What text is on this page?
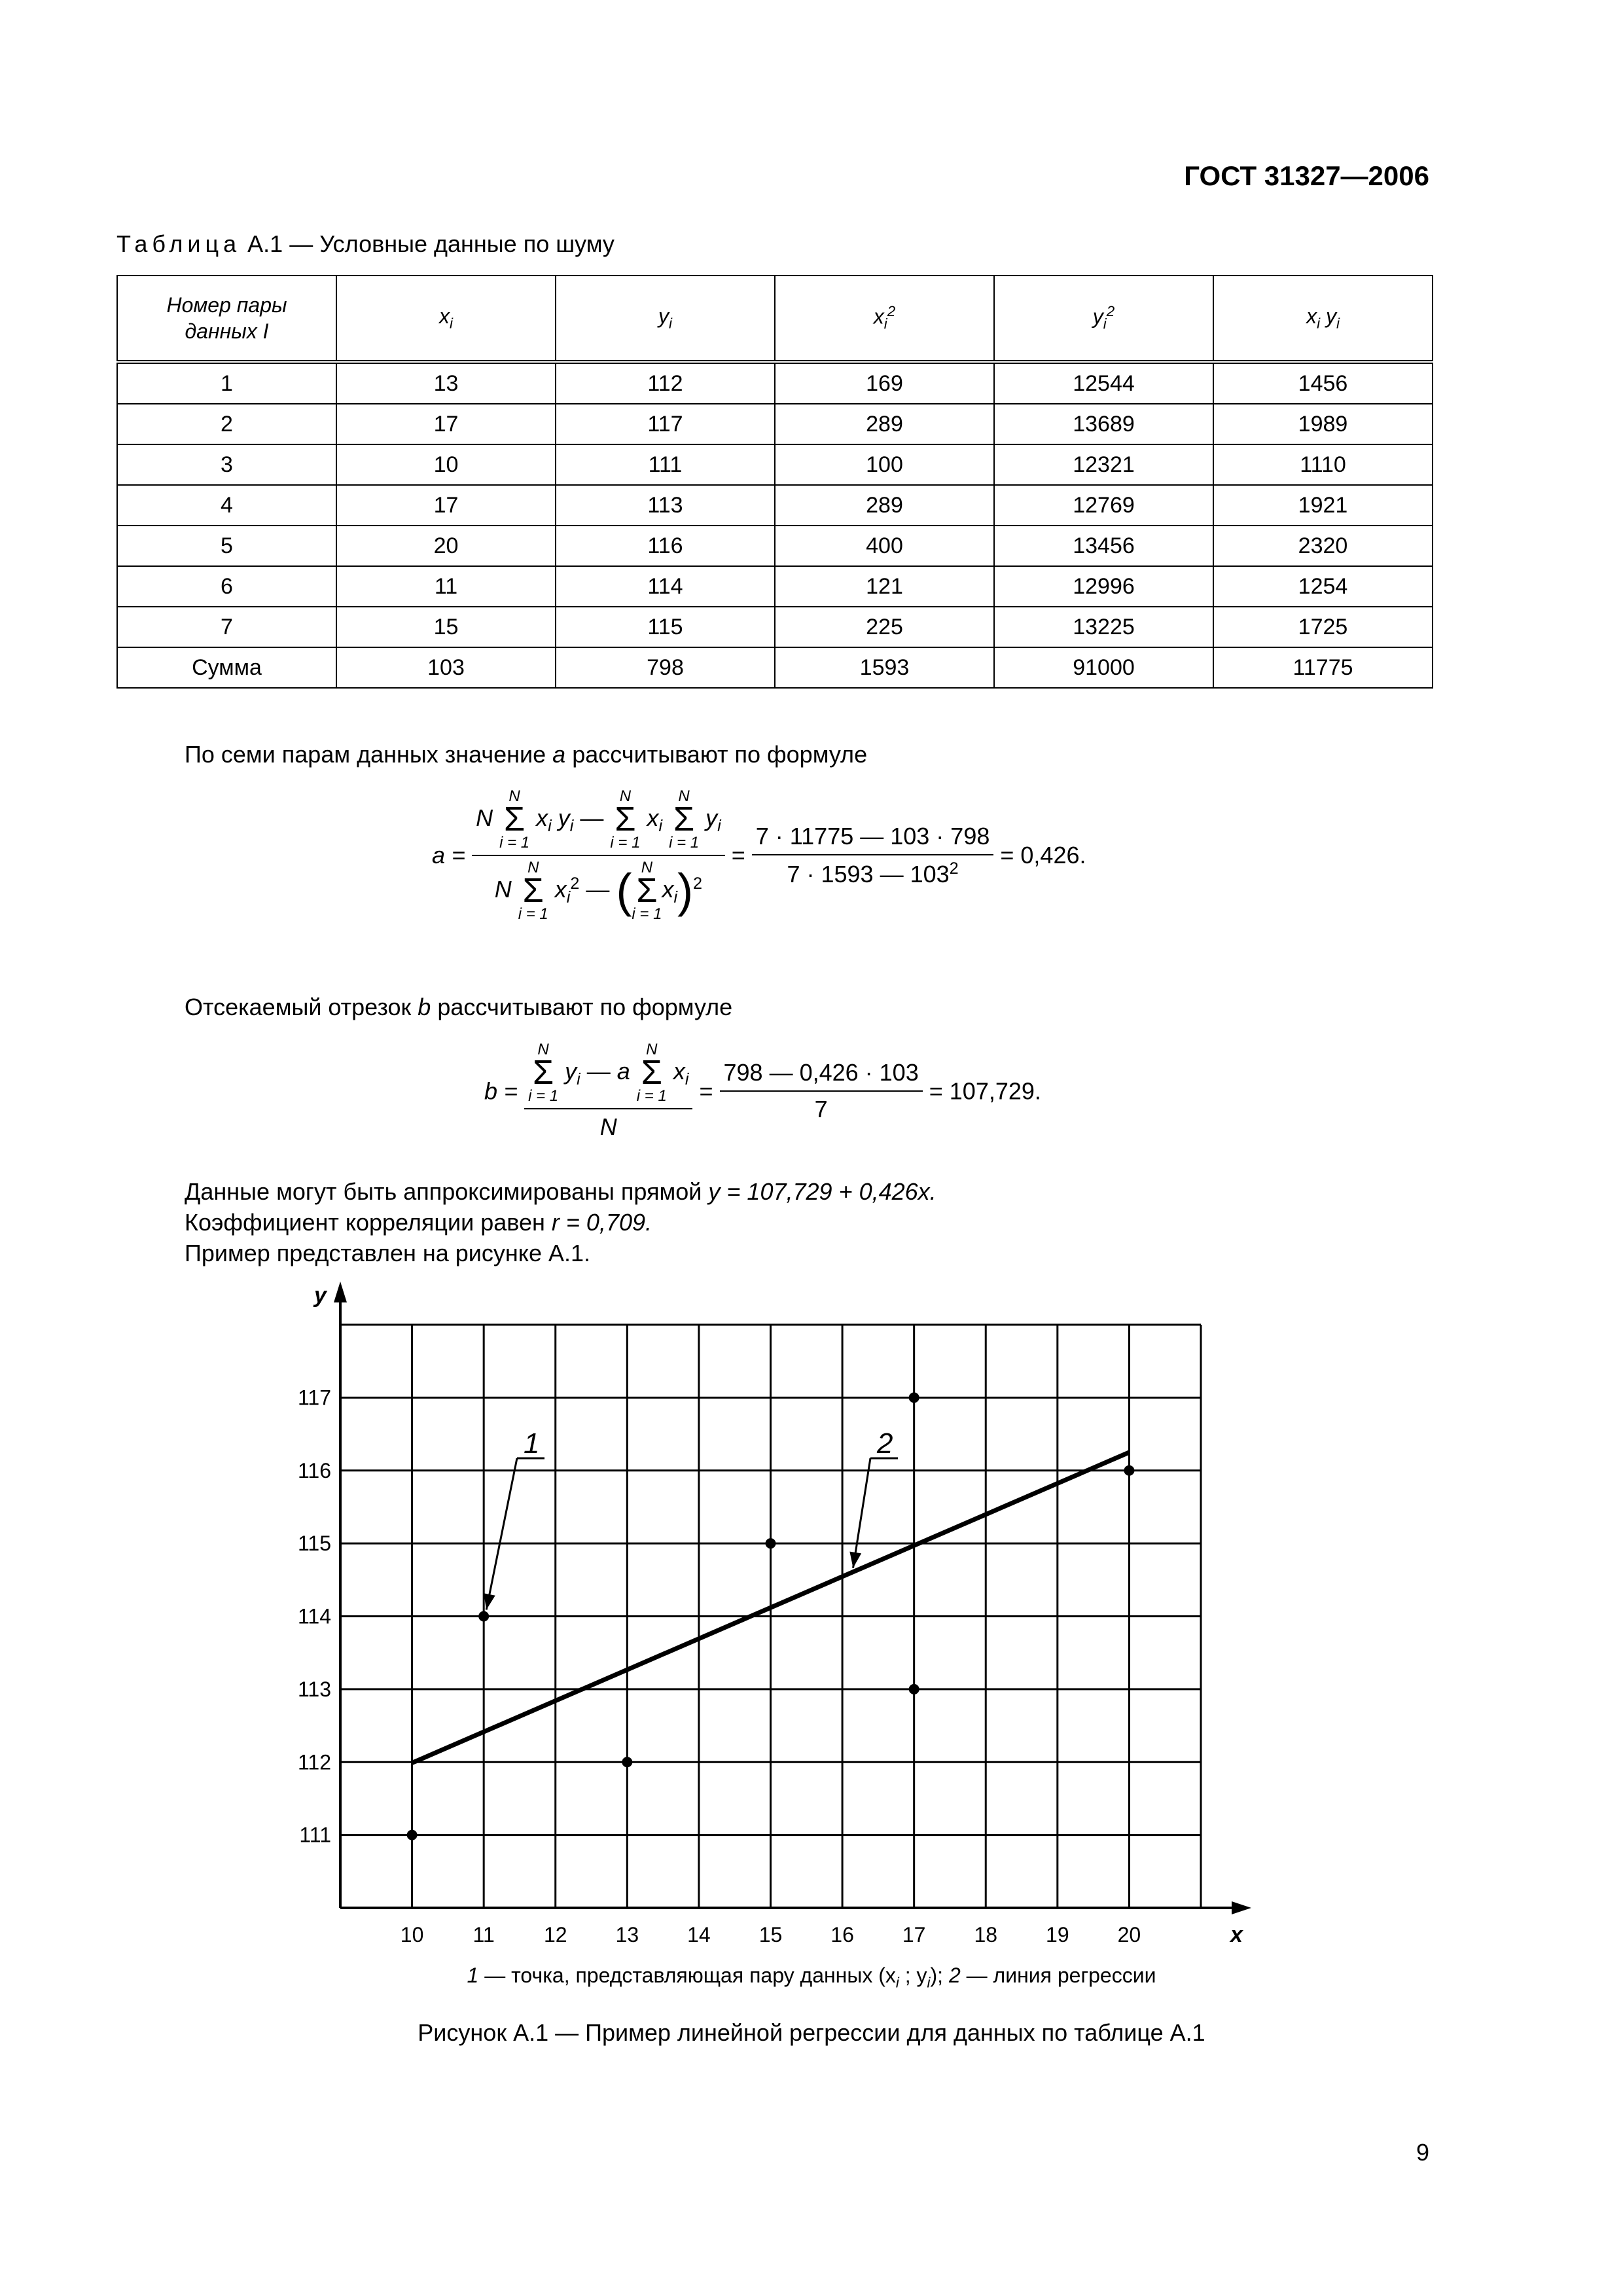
ГОСТ 31327—2006
Таблица А.1 — Условные данные по шуму
Номер пары
данных I	$x_i$	$y_i$	$x_i^2$	$y_i^2$	$x_i$ $y_i$
1	13	112	169	12544	1456
2	17	117	289	13689	1989
3	10	111	100	12321	1110
4	17	113	289	12769	1921
5	20	116	400	13456	2320
6	11	114	121	12996	1254
7	15	115	225	13225	1725
Сумма	103	798	1593	91000	11775
По семи парам данных значение a рассчитывают по формуле
a =
N
N
Σ
i = 1
$x_i$ $y_i$ —
N
Σ
i = 1
$x_i$
N
Σ
i = 1
$y_i$
N
N
Σ
i = 1
$x_i^2$ — ( N
Σ
i = 1
$x_i)^2$
= $\frac{7 \cdot 11775 — 103 \cdot 798}{7 \cdot 1593 — 103^2} = 0,426$.
Отсекаемый отрезок b рассчитывают по формуле
b = N
Σ
i = 1
$y_i$ — a
N
Σ
i = 1
$x_i$
$N = \frac{798 — 0,426 \cdot 103}{7} = 107,729$.
Данные могут быть аппроксимированы прямой y = 107,729 + 0,426x.
Коэффициент корреляции равен r = 0,709.
Пример представлен на рисунке А.1.
x
y
10 11 12 13 14 15 16 17 18 19 20
111
112
113
114
115
116
117
1	2
1 — точка, представляющая пару данных ($x_i$ ; $y_i$); 2 — линия регрессии
Рисунок А.1 — Пример линейной регрессии для данных по таблице А.1
9
